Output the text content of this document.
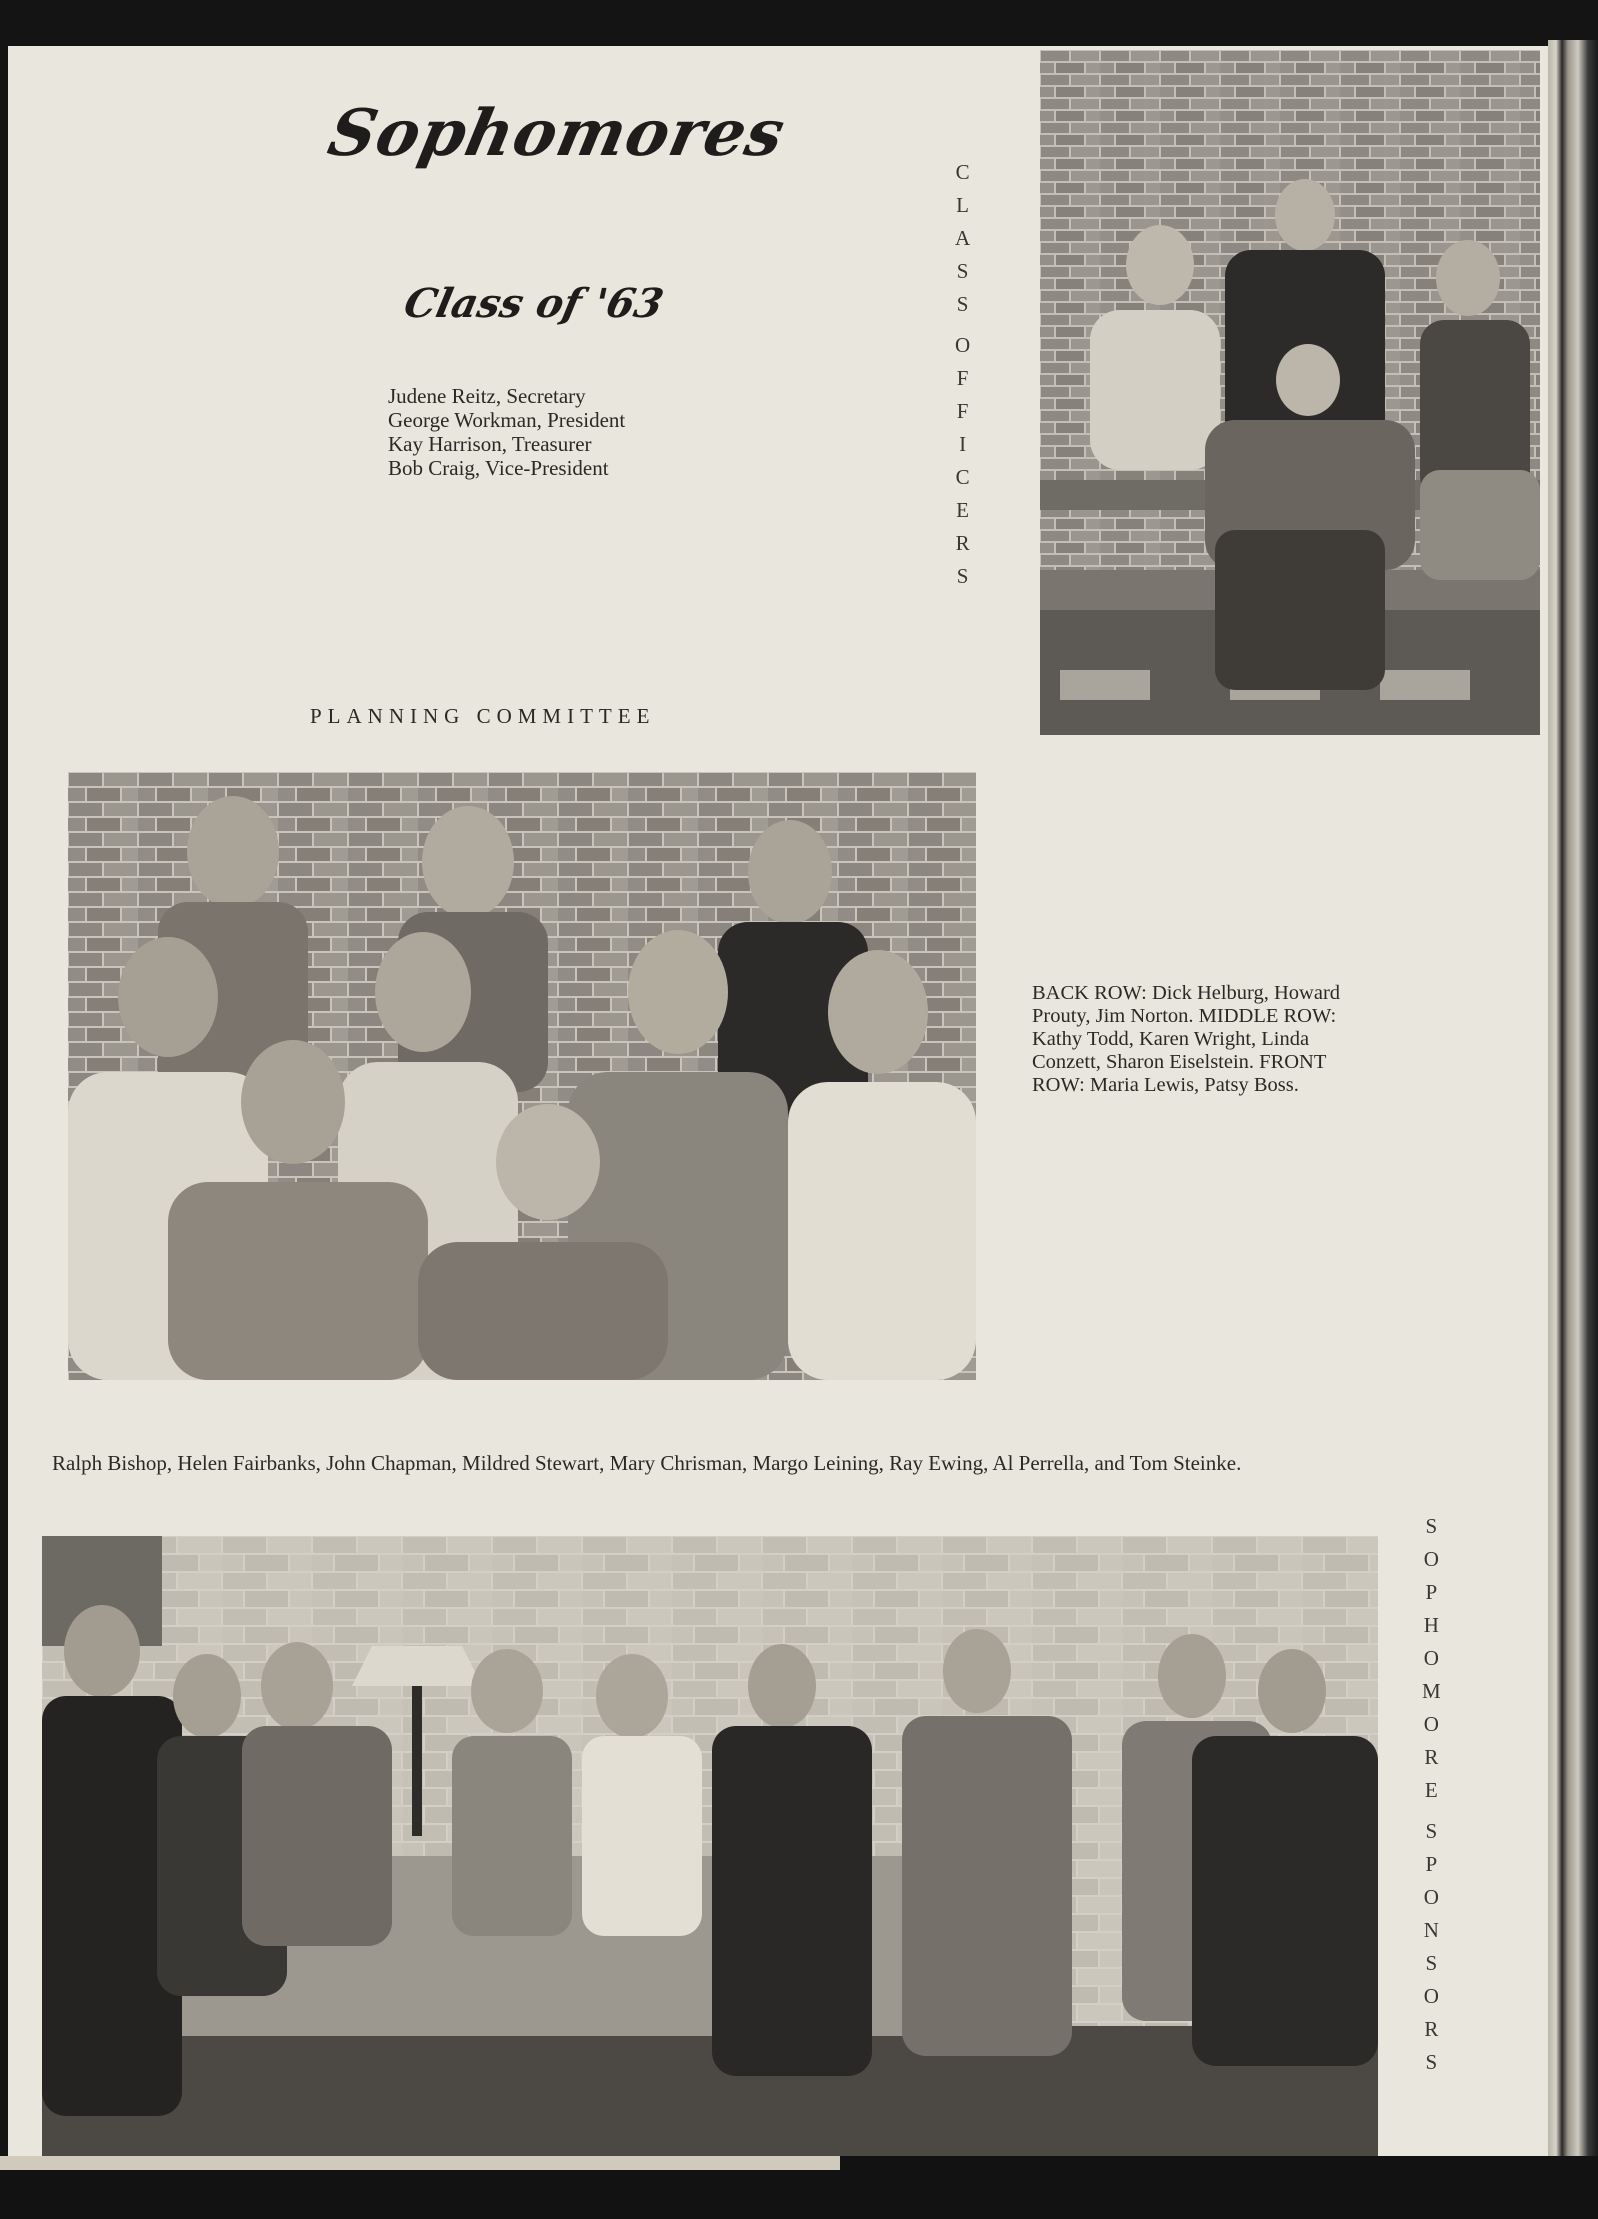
Sophomores
Class of '63
Judene Reitz, Secretary
George Workman, President
Kay Harrison, Treasurer
Bob Craig, Vice-President
C
L
A
S
S
O
F
F
I
C
E
R
S
PLANNING COMMITTEE
BACK ROW: Dick Helburg, Howard Prouty, Jim Norton. MIDDLE ROW: Kathy Todd, Karen Wright, Linda Conzett, Sharon Eiselstein. FRONT ROW: Maria Lewis, Patsy Boss.
Ralph Bishop, Helen Fairbanks, John Chapman, Mildred Stewart, Mary Chrisman, Margo Leining, Ray Ewing, Al Perrella, and Tom Steinke.
S
O
P
H
O
M
O
R
E
S
P
O
N
S
O
R
S
